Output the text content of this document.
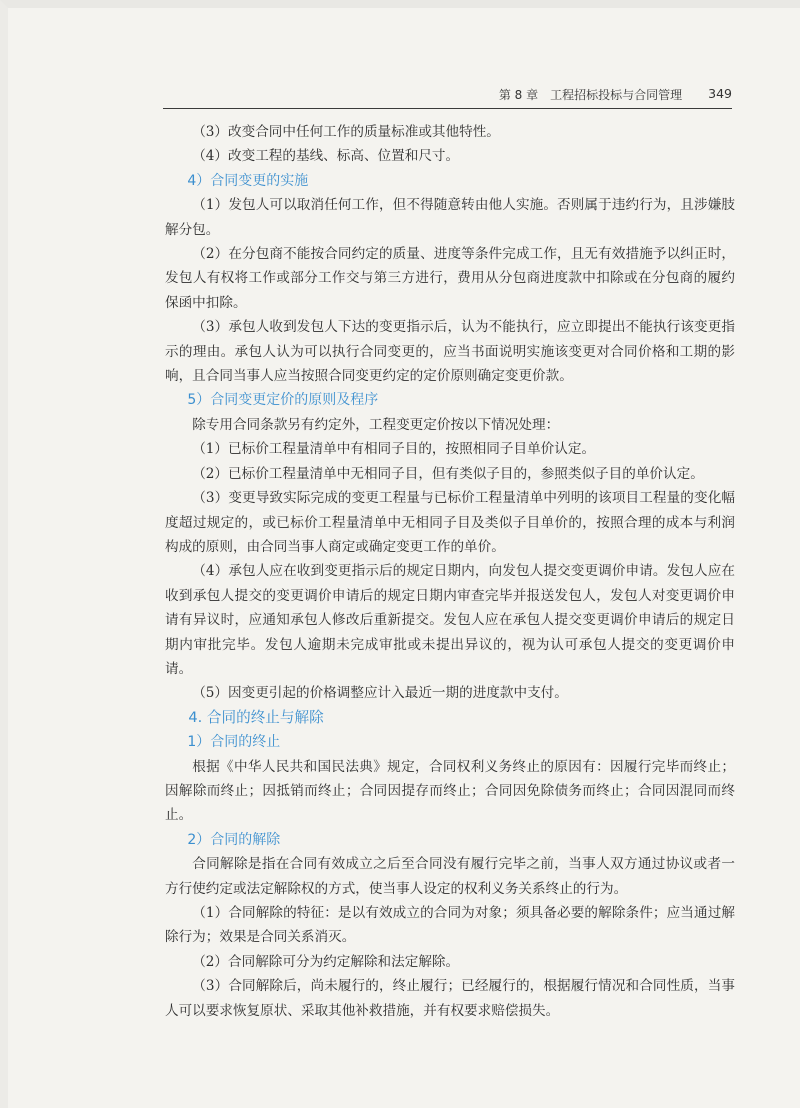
第 8 章 工程招标投标与合同管理 349

（3）改变合同中任何工作的质量标准或其他特性。

（4）改变工程的基线、标高、位置和尺寸。

4）合同变更的实施

（1）发包人可以取消任何工作，但不得随意转由他人实施。否则属于违约行为，且涉嫌肢解分包。

（2）在分包商不能按合同约定的质量、进度等条件完成工作，且无有效措施予以纠正时，发包人有权将工作或部分工作交与第三方进行，费用从分包商进度款中扣除或在分包商的履约保函中扣除。

（3）承包人收到发包人下达的变更指示后，认为不能执行，应立即提出不能执行该变更指示的理由。承包人认为可以执行合同变更的，应当书面说明实施该变更对合同价格和工期的影响，且合同当事人应当按照合同变更约定的定价原则确定变更价款。

5）合同变更定价的原则及程序

除专用合同条款另有约定外，工程变更定价按以下情况处理：

（1）已标价工程量清单中有相同子目的，按照相同子目单价认定。

（2）已标价工程量清单中无相同子目，但有类似子目的，参照类似子目的单价认定。

（3）变更导致实际完成的变更工程量与已标价工程量清单中列明的该项目工程量的变化幅度超过规定的，或已标价工程量清单中无相同子目及类似子目单价的，按照合理的成本与利润构成的原则，由合同当事人商定或确定变更工作的单价。

（4）承包人应在收到变更指示后的规定日期内，向发包人提交变更调价申请。发包人应在收到承包人提交的变更调价申请后的规定日期内审查完毕并报送发包人，发包人对变更调价申请有异议时，应通知承包人修改后重新提交。发包人应在承包人提交变更调价申请后的规定日期内审批完毕。发包人逾期未完成审批或未提出异议的，视为认可承包人提交的变更调价申请。

（5）因变更引起的价格调整应计入最近一期的进度款中支付。

4. 合同的终止与解除
1）合同的终止

根据《中华人民共和国民法典》规定，合同权利义务终止的原因有：因履行完毕而终止；因解除而终止；因抵销而终止；合同因提存而终止；合同因免除债务而终止；合同因混同而终止。

2）合同的解除

合同解除是指在合同有效成立之后至合同没有履行完毕之前，当事人双方通过协议或者一方行使约定或法定解除权的方式，使当事人设定的权利义务关系终止的行为。

（1）合同解除的特征：是以有效成立的合同为对象；须具备必要的解除条件；应当通过解除行为；效果是合同关系消灭。

（2）合同解除可分为约定解除和法定解除。

（3）合同解除后，尚未履行的，终止履行；已经履行的，根据履行情况和合同性质，当事人可以要求恢复原状、采取其他补救措施，并有权要求赔偿损失。
